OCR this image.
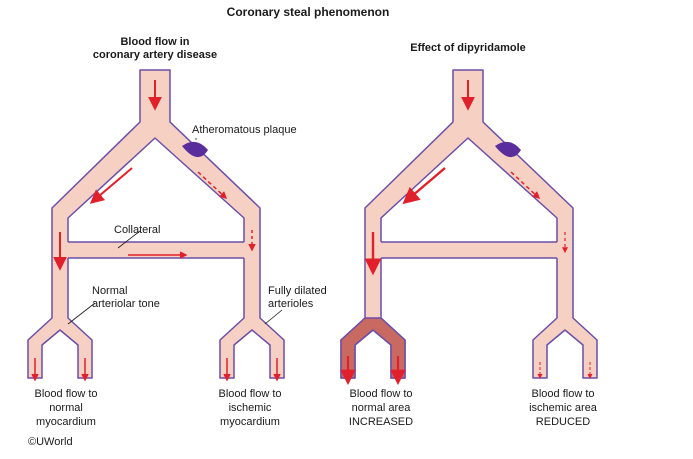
Coronary steal phenomenon
Blood flow in
coronary artery disease
Atheromatous plaque
Collateral
Normal
arteriolar tone
Fully dilated
arterioles
Blood flow to
normal
myocardium
Blood flow to
ischemic
myocardium
Effect of dipyridamole
Blood flow to
normal area
INCREASED
Blood flow to
ischemic area
REDUCED
©UWorld
